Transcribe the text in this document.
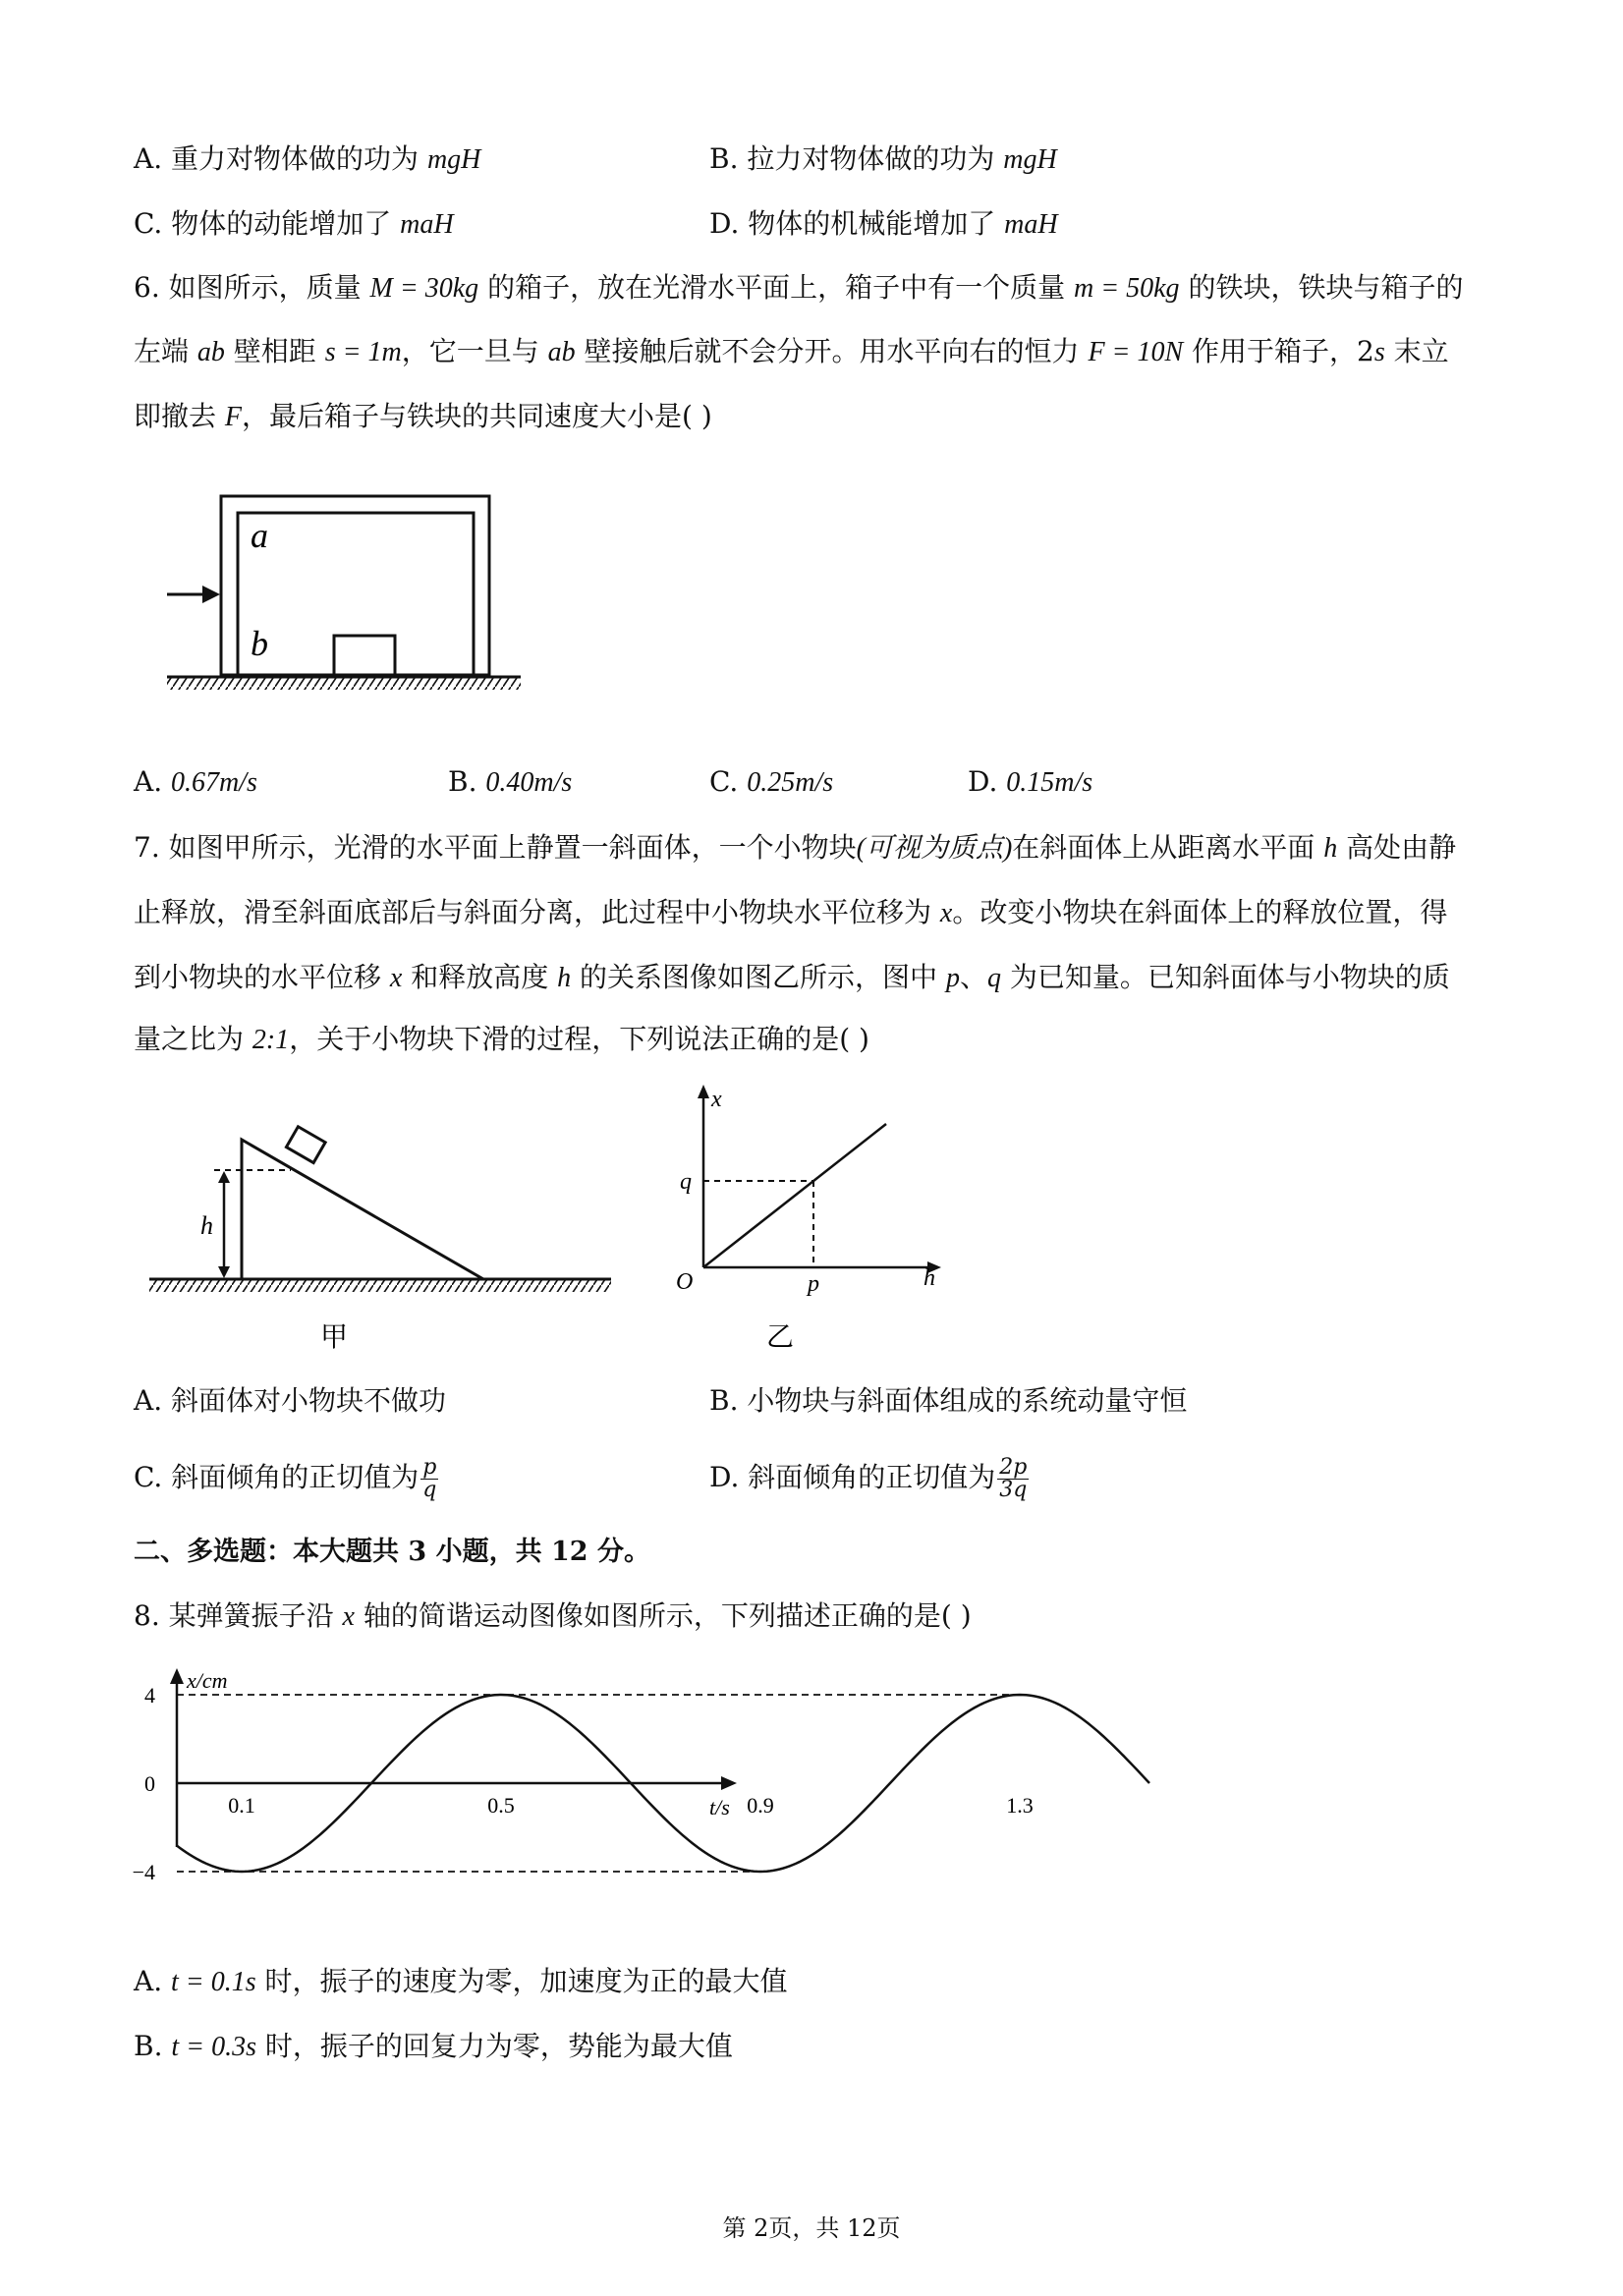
A. 重力对物体做的功为 mgH	B. 拉力对物体做的功为 mgH
C. 物体的动能增加了 maH	D. 物体的机械能增加了 maH
6. 如图所示，质量 M = 30kg 的箱子，放在光滑水平面上，箱子中有一个质量 m = 50kg 的铁块，铁块与箱子的
左端 ab 壁相距 s = 1m，它一旦与 ab 壁接触后就不会分开。用水平向右的恒力 F = 10N 作用于箱子，2s 末立
即撤去 F，最后箱子与铁块的共同速度大小是( )
a
b
A. 0.67m/s	B. 0.40m/s	C. 0.25m/s	D. 0.15m/s
7. 如图甲所示，光滑的水平面上静置一斜面体，一个小物块(可视为质点)在斜面体上从距离水平面 h 高处由静
止释放，滑至斜面底部后与斜面分离，此过程中小物块水平位移为 x。改变小物块在斜面体上的释放位置，得
到小物块的水平位移 x 和释放高度 h 的关系图像如图乙所示，图中 p、q 为已知量。已知斜面体与小物块的质
量之比为 2:1，关于小物块下滑的过程，下列说法正确的是( )
h
甲
x
h
O
q
p
乙
A. 斜面体对小物块不做功	B. 小物块与斜面体组成的系统动量守恒
C. 斜面倾角的正切值为 $\frac{p}{q}$	D. 斜面倾角的正切值为 $\frac{2p}{3q}$
二、多选题：本大题共 3 小题，共 12 分。
8. 某弹簧振子沿 x 轴的简谐运动图像如图所示，下列描述正确的是( )
4
0
−4
0.1	0.5	0.9	1.3
t/s
x/cm
A. t = 0.1s 时，振子的速度为零，加速度为正的最大值
B. t = 0.3s 时，振子的回复力为零，势能为最大值
第 2页，共 12页
